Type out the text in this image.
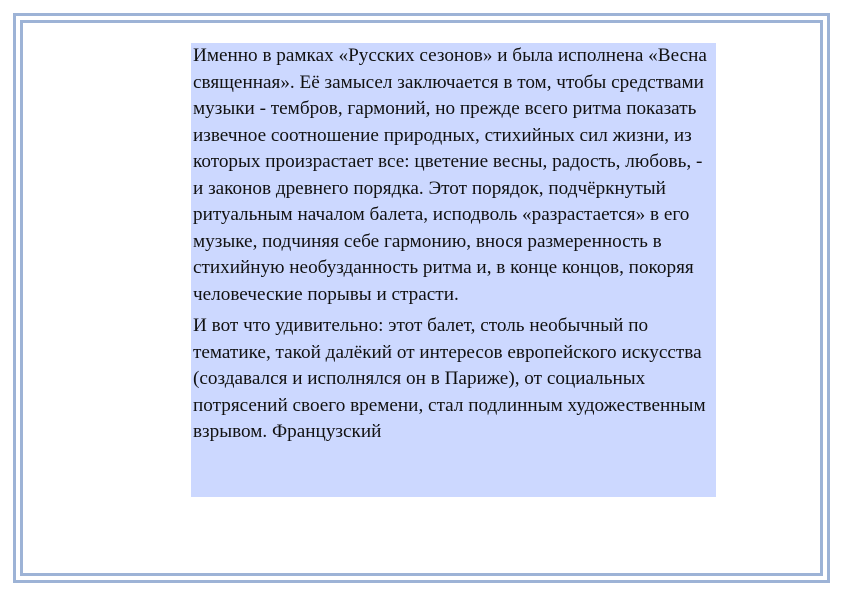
Именно в рамках «Русских сезонов» и была исполнена «Весна священная». Её замысел заключается в том, чтобы средствами музыки - тембров, гармоний, но прежде всего ритма показать извечное соотношение природных, стихийных сил жизни, из которых произрастает все: цветение весны, радость, любовь, - и законов древнего порядка. Этот порядок, подчёркнутый ритуальным началом балета, исподволь «разрастается» в его музыке, подчиняя себе гармонию, внося размеренность в стихийную необузданность ритма и, в конце концов, покоряя человеческие порывы и страсти.

И вот что удивительно: этот балет, столь необычный по тематике, такой далёкий от интересов европейского искусства (создавался и исполнялся он в Париже), от социальных потрясений своего времени, стал подлинным художественным взрывом. Французский
